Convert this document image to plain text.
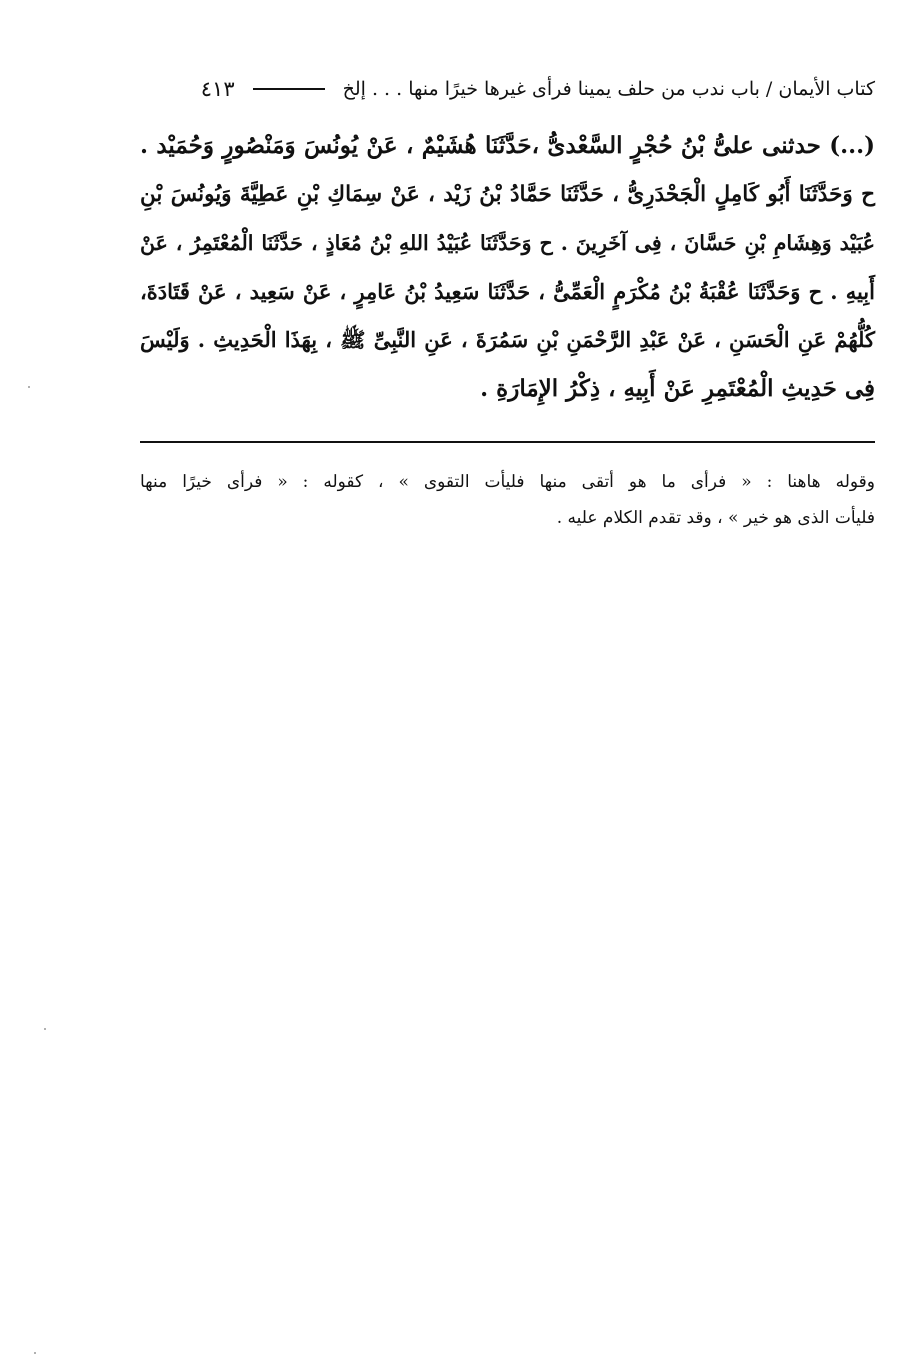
كتاب الأيمان / باب ندب من حلف يمينا فرأى غيرها خيرًا منها . . . إلخ
٤١٣
(...) حدثنى علىُّ بْنُ حُجْرٍ السَّعْدىُّ ،حَدَّثَنَا هُشَيْمٌ ، عَنْ يُونُسَ وَمَنْصُورٍ وَحُمَيْد .
ح وَحَدَّثَنَا أَبُو كَامِلٍ الْجَحْدَرِىُّ ، حَدَّثَنَا حَمَّادُ بْنُ زَيْد ، عَنْ سِمَاكِ بْنِ عَطِيَّةَ وَيُونُسَ بْنِ
عُبَيْد وَهِشَامِ بْنِ حَسَّانَ ، فِى آخَرِينَ . ح وَحَدَّثَنَا عُبَيْدُ اللهِ بْنُ مُعَاذٍ ، حَدَّثَنَا الْمُعْتَمِرُ ، عَنْ
أَبِيهِ . ح وَحَدَّثَنَا عُقْبَةُ بْنُ مُكْرَمٍ الْعَمِّىُّ ، حَدَّثَنَا سَعِيدُ بْنُ عَامِرٍ ، عَنْ سَعِيد ، عَنْ قَتَادَةَ،
كُلُّهُمْ عَنِ الْحَسَنِ ، عَنْ عَبْدِ الرَّحْمَنِ بْنِ سَمُرَةَ ، عَنِ النَّبِىِّ ﷺ ، بِهَذَا الْحَدِيثِ . وَلَيْسَ
فِى حَدِيثِ الْمُعْتَمِرِ عَنْ أَبِيهِ ، ذِكْرُ الإِمَارَةِ .
وقوله هاهنا : « فرأى ما هو أتقى منها فليأت التقوى » ، كقوله : « فرأى خيرًا منها
فليأت الذى هو خير » ، وقد تقدم الكلام عليه .
